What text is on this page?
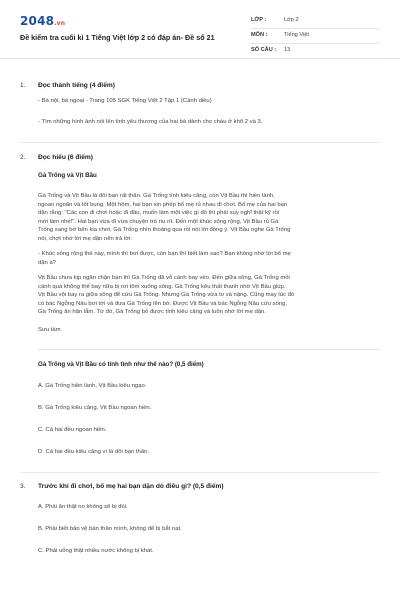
2048.vn
Đề kiểm tra cuối kì 1 Tiếng Việt lớp 2 có đáp án- Đề số 21
LỚP :	Lớp 2
MÔN :	Tiếng Việt
SỐ CÂU :	13
1. Đọc thành tiếng (4 điểm)
- Bà nội, bà ngoại - Trang 105 SGK Tiếng Việt 2 Tập 1 (Cánh diều)
- Tìm những hình ảnh nói lên tình yêu thương của hai bà dành cho cháu ở khổ 2 và 3.
2. Đọc hiểu (6 điểm)
Gà Trống và Vịt Bầu
Gà Trống và Vịt Bầu là đôi bạn rất thân. Gà Trống tính kiêu căng, còn Vịt Bầu thì hiền lành,
ngoan ngoãn và tốt bụng. Một hôm, hai bạn xin phép bố mẹ rủ nhau đi chơi. Bố mẹ của hai bạn
dặn rằng: "Các con đi chơi hoặc đi đâu, muốn làm một việc gì đó thì phải suy nghĩ thật kỹ rồi
mới làm nhé!". Hai bạn vừa đi vừa chuyện trò ríu rít. Đến một khúc sông rộng, Vịt Bầu rủ Gà
Trống sang bờ bên kia chơi. Gà Trống nhìn thoáng qua rồi nói lời đồng ý. Vịt Bầu nghe Gà Trống
nói, chợt nhớ lời mẹ dặn nên trả lời:
- Khúc sông rộng thế này, mình thì bơi được, còn bạn thì biết làm sao? Bạn không nhớ lời bố mẹ
dặn à?
Vịt Bầu chưa kịp ngăn chặn bạn thì Gà Trống đã vỗ cánh bay vèo. Đến giữa sông, Gà Trống mỏi
cánh quá không thể bay nữa bị rơi tõm xuống sông. Gà Trống kêu thất thanh nhờ Vịt Bầu giúp.
Vịt Bầu vội bay ra giữa sông để cứu Gà Trống. Nhưng Gà Trống vừa to và nặng. Cũng may lúc đó
có bác Ngỗng Nâu bơi tới và đưa Gà Trống lên bờ. Được Vịt Bầu và bác Ngỗng Nâu cứu sống,
Gà Trống ân hận lắm. Từ đó, Gà Trống bỏ được tính kiêu căng và luôn nhớ lời mẹ dặn.
Sưu tầm
Gà Trống và Vịt Bầu có tính tình như thế nào? (0,5 điểm)
A. Gà Trống hiền lành, Vịt Bầu kiêu ngạo.
B. Gà Trống kiêu căng, Vịt Bầu ngoan hiền.
C. Cả hai đều ngoan hiền.
D. Cả hai đều kiêu căng vì là đôi bạn thân.
3. Trước khi đi chơi, bố mẹ hai bạn dặn dò điều gì? (0,5 điểm)
A. Phải ăn thật no không sẽ bị đói.
B. Phải biết bảo vệ bản thân mình, không để bị bắt nạt.
C. Phải uống thật nhiều nước không bị khát.
